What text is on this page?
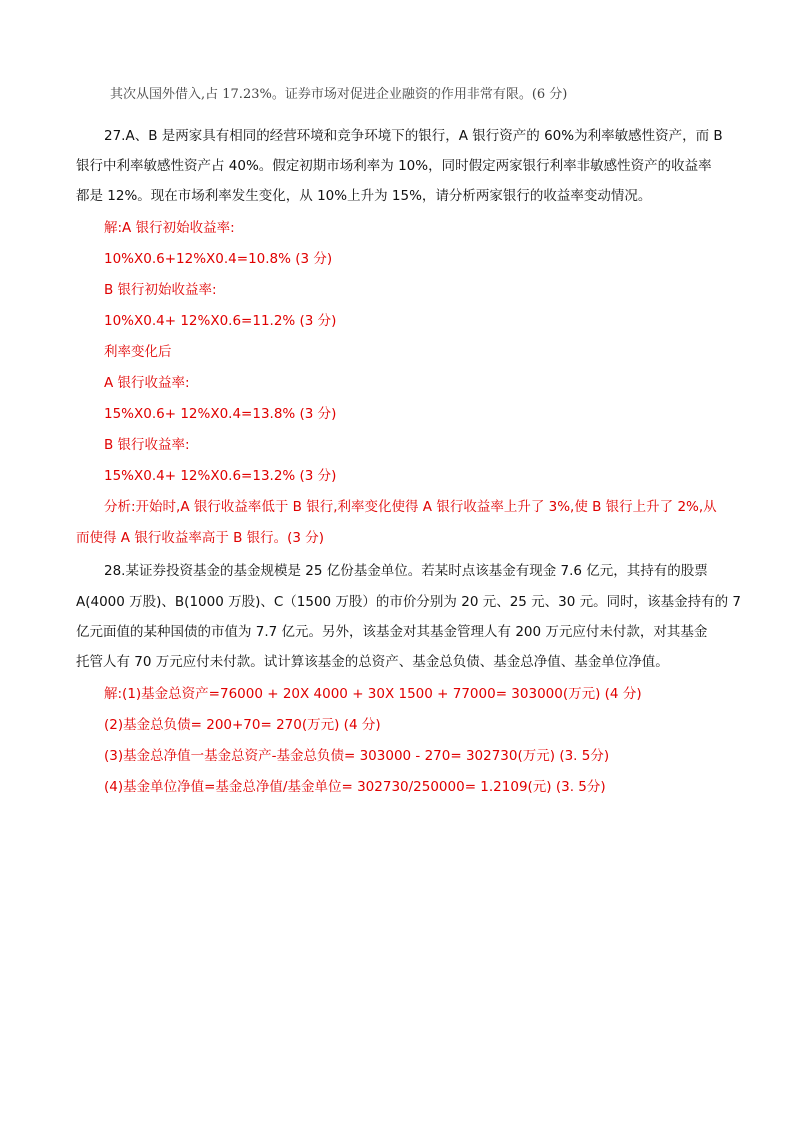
其次从国外借入,占 17.23%。证券市场对促进企业融资的作用非常有限。(6 分)
27.A、B 是两家具有相同的经营环境和竞争环境下的银行，A 银行资产的 60%为利率敏感性资产，而 B
银行中利率敏感性资产占 40%。假定初期市场利率为 10%，同时假定两家银行利率非敏感性资产的收益率
都是 12%。现在市场利率发生变化，从 10%上升为 15%，请分析两家银行的收益率变动情况。
解:A 银行初始收益率:
10%X0.6+12%X0.4=10.8% (3 分)
B 银行初始收益率:
10%X0.4+ 12%X0.6=11.2% (3 分)
利率变化后
A 银行收益率:
15%X0.6+ 12%X0.4=13.8% (3 分)
B 银行收益率:
15%X0.4+ 12%X0.6=13.2% (3 分)
分析:开始时,A 银行收益率低于 B 银行,利率变化使得 A 银行收益率上升了 3%,使 B 银行上升了 2%,从
而使得 A 银行收益率高于 B 银行。(3 分)
28.某证券投资基金的基金规模是 25 亿份基金单位。若某时点该基金有现金 7.6 亿元，其持有的股票
A(4000 万股)、B(1000 万股)、C（1500 万股）的市价分别为 20 元、25 元、30 元。同时，该基金持有的 7
亿元面值的某种国债的市值为 7.7 亿元。另外，该基金对其基金管理人有 200 万元应付未付款，对其基金
托管人有 70 万元应付未付款。试计算该基金的总资产、基金总负债、基金总净值、基金单位净值。
解:(1)基金总资产=76000 + 20X 4000 + 30X 1500 + 77000= 303000(万元) (4 分)
(2)基金总负债= 200+70= 270(万元) (4 分)
(3)基金总净值一基金总资产-基金总负债= 303000 - 270= 302730(万元) (3. 5分)
(4)基金单位净值=基金总净值/基金单位= 302730/250000= 1.2109(元) (3. 5分)
